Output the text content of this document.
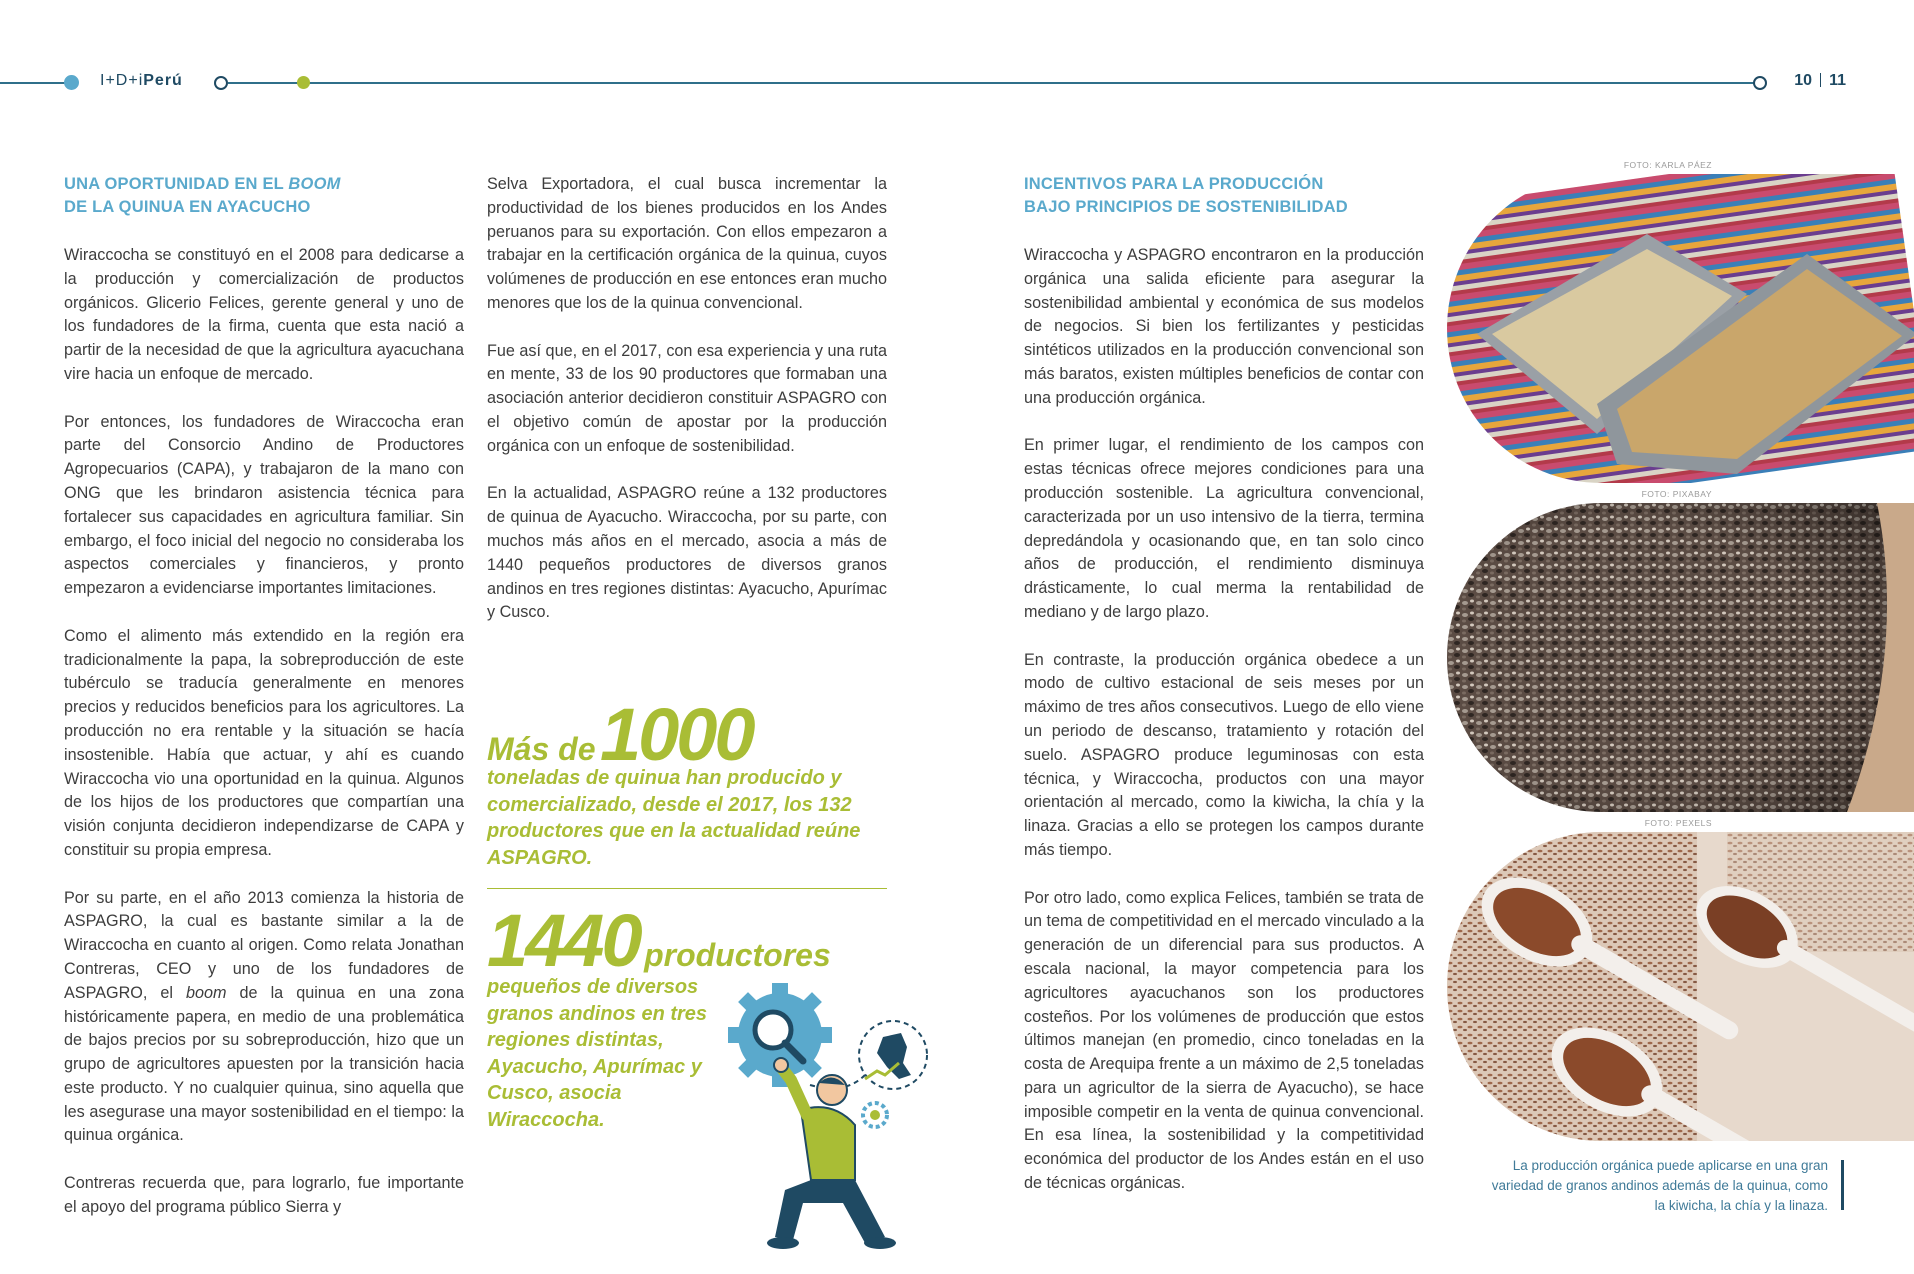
I+D+iPerú	10 11
UNA OPORTUNIDAD EN EL BOOM
DE LA QUINUA EN AYACUCHO

Wiraccocha se constituyó en el 2008 para dedicarse a la producción y comercialización de productos orgánicos. Glicerio Felices, gerente general y uno de los fundadores de la firma, cuenta que esta nació a partir de la necesidad de que la agricultura ayacuchana vire hacia un enfoque de mercado.

Por entonces, los fundadores de Wiraccocha eran parte del Consorcio Andino de Productores Agropecuarios (CAPA), y trabajaron de la mano con ONG que les brindaron asistencia técnica para fortalecer sus capacidades en agricultura familiar. Sin embargo, el foco inicial del negocio no consideraba los aspectos comerciales y financieros, y pronto empezaron a evidenciarse importantes limitaciones.

Como el alimento más extendido en la región era tradicionalmente la papa, la sobreproducción de este tubérculo se traducía generalmente en menores precios y reducidos beneficios para los agricultores. La producción no era rentable y la situación se hacía insostenible. Había que actuar, y ahí es cuando Wiraccocha vio una oportunidad en la quinua. Algunos de los hijos de los productores que compartían una visión conjunta decidieron independizarse de CAPA y constituir su propia empresa.

Por su parte, en el año 2013 comienza la historia de ASPAGRO, la cual es bastante similar a la de Wiraccocha en cuanto al origen. Como relata Jonathan Contreras, CEO y uno de los fundadores de ASPAGRO, el boom de la quinua en una zona históricamente papera, en medio de una problemática de bajos precios por su sobreproducción, hizo que un grupo de agricultores apuesten por la transición hacia este producto. Y no cualquier quinua, sino aquella que les asegurase una mayor sostenibilidad en el tiempo: la quinua orgánica.

Contreras recuerda que, para lograrlo, fue importante el apoyo del programa público Sierra y

Selva Exportadora, el cual busca incrementar la productividad de los bienes producidos en los Andes peruanos para su exportación. Con ellos empezaron a trabajar en la certificación orgánica de la quinua, cuyos volúmenes de producción en ese entonces eran mucho menores que los de la quinua convencional.

Fue así que, en el 2017, con esa experiencia y una ruta en mente, 33 de los 90 productores que formaban una asociación anterior decidieron constituir ASPAGRO con el objetivo común de apostar por la producción orgánica con un enfoque de sostenibilidad.

En la actualidad, ASPAGRO reúne a 132 productores de quinua de Ayacucho. Wiraccocha, por su parte, con muchos más años en el mercado, asocia a más de 1440 pequeños productores de diversos granos andinos en tres regiones distintas: Ayacucho, Apurímac y Cusco.

Más de 1000
toneladas de quinua han producido y comercializado, desde el 2017, los 132 productores que en la actualidad reúne ASPAGRO.
1440 productores
pequeños de diversos granos andinos en tres regiones distintas, Ayacucho, Apurímac y Cusco, asocia Wiraccocha.
INCENTIVOS PARA LA PRODUCCIÓN
BAJO PRINCIPIOS DE SOSTENIBILIDAD

Wiraccocha y ASPAGRO encontraron en la producción orgánica una salida eficiente para asegurar la sostenibilidad ambiental y económica de sus modelos de negocios. Si bien los fertilizantes y pesticidas sintéticos utilizados en la producción convencional son más baratos, existen múltiples beneficios de contar con una producción orgánica.

En primer lugar, el rendimiento de los campos con estas técnicas ofrece mejores condiciones para una producción sostenible. La agricultura convencional, caracterizada por un uso intensivo de la tierra, termina depredándola y ocasionando que, en tan solo cinco años de producción, el rendimiento disminuya drásticamente, lo cual merma la rentabilidad de mediano y de largo plazo.

En contraste, la producción orgánica obedece a un modo de cultivo estacional de seis meses por un máximo de tres años consecutivos. Luego de ello viene un periodo de descanso, tratamiento y rotación del suelo. ASPAGRO produce leguminosas con esta técnica, y Wiraccocha, productos con una mayor orientación al mercado, como la kiwicha, la chía y la linaza. Gracias a ello se protegen los campos durante más tiempo.

Por otro lado, como explica Felices, también se trata de un tema de competitividad en el mercado vinculado a la generación de un diferencial para sus productos. A escala nacional, la mayor competencia para los agricultores ayacuchanos son los productores costeños. Por los volúmenes de producción que estos últimos manejan (en promedio, cinco toneladas en la costa de Arequipa frente a un máximo de 2,5 toneladas para un agricultor de la sierra de Ayacucho), se hace imposible competir en la venta de quinua convencional. En esa línea, la sostenibilidad y la competitividad económica del productor de los Andes están en el uso de técnicas orgánicas.

FOTO: KARLA PÁEZ
FOTO: PIXABAY
FOTO: PEXELS
La producción orgánica puede aplicarse en una gran variedad de granos andinos además de la quinua, como la kiwicha, la chía y la linaza.
